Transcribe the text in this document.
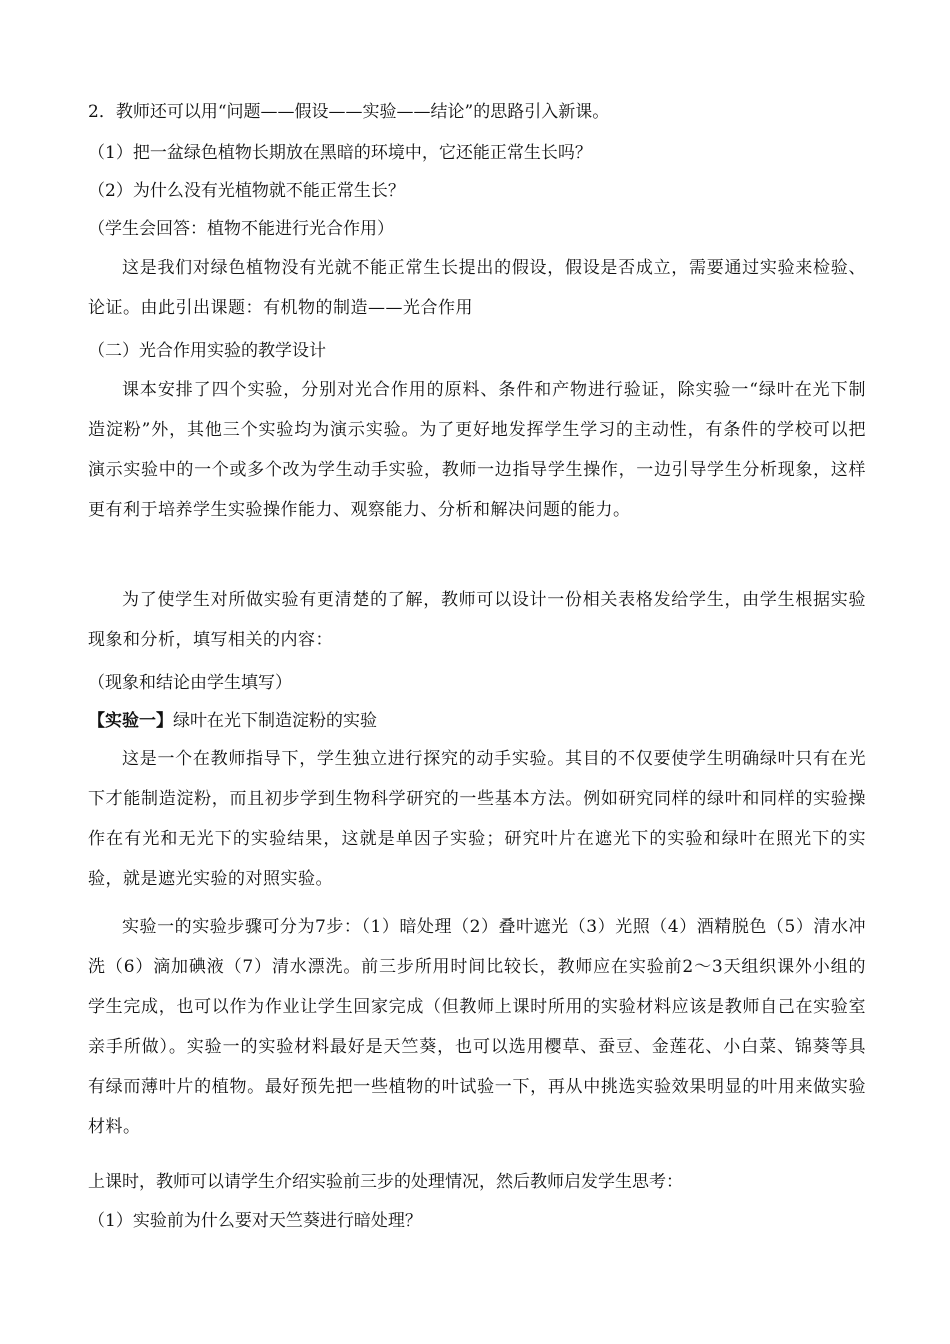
2．教师还可以用“问题——假设——实验——结论”的思路引入新课。
（1）把一盆绿色植物长期放在黑暗的环境中，它还能正常生长吗？
（2）为什么没有光植物就不能正常生长？
（学生会回答：植物不能进行光合作用）
这是我们对绿色植物没有光就不能正常生长提出的假设，假设是否成立，需要通过实验来检验、论证。由此引出课题：有机物的制造——光合作用
（二）光合作用实验的教学设计
课本安排了四个实验，分别对光合作用的原料、条件和产物进行验证，除实验一“绿叶在光下制造淀粉”外，其他三个实验均为演示实验。为了更好地发挥学生学习的主动性，有条件的学校可以把演示实验中的一个或多个改为学生动手实验，教师一边指导学生操作，一边引导学生分析现象，这样更有利于培养学生实验操作能力、观察能力、分析和解决问题的能力。
为了使学生对所做实验有更清楚的了解，教师可以设计一份相关表格发给学生，由学生根据实验现象和分析，填写相关的内容：
（现象和结论由学生填写）
【实验一】绿叶在光下制造淀粉的实验
这是一个在教师指导下，学生独立进行探究的动手实验。其目的不仅要使学生明确绿叶只有在光下才能制造淀粉，而且初步学到生物科学研究的一些基本方法。例如研究同样的绿叶和同样的实验操作在有光和无光下的实验结果，这就是单因子实验；研究叶片在遮光下的实验和绿叶在照光下的实验，就是遮光实验的对照实验。
实验一的实验步骤可分为7步：（1）暗处理（2）叠叶遮光（3）光照（4）酒精脱色（5）清水冲洗（6）滴加碘液（7）清水漂洗。前三步所用时间比较长，教师应在实验前2～3天组织课外小组的学生完成，也可以作为作业让学生回家完成（但教师上课时所用的实验材料应该是教师自己在实验室亲手所做）。实验一的实验材料最好是天竺葵，也可以选用樱草、蚕豆、金莲花、小白菜、锦葵等具有绿而薄叶片的植物。最好预先把一些植物的叶试验一下，再从中挑选实验效果明显的叶用来做实验材料。
上课时，教师可以请学生介绍实验前三步的处理情况，然后教师启发学生思考：
（1）实验前为什么要对天竺葵进行暗处理？
